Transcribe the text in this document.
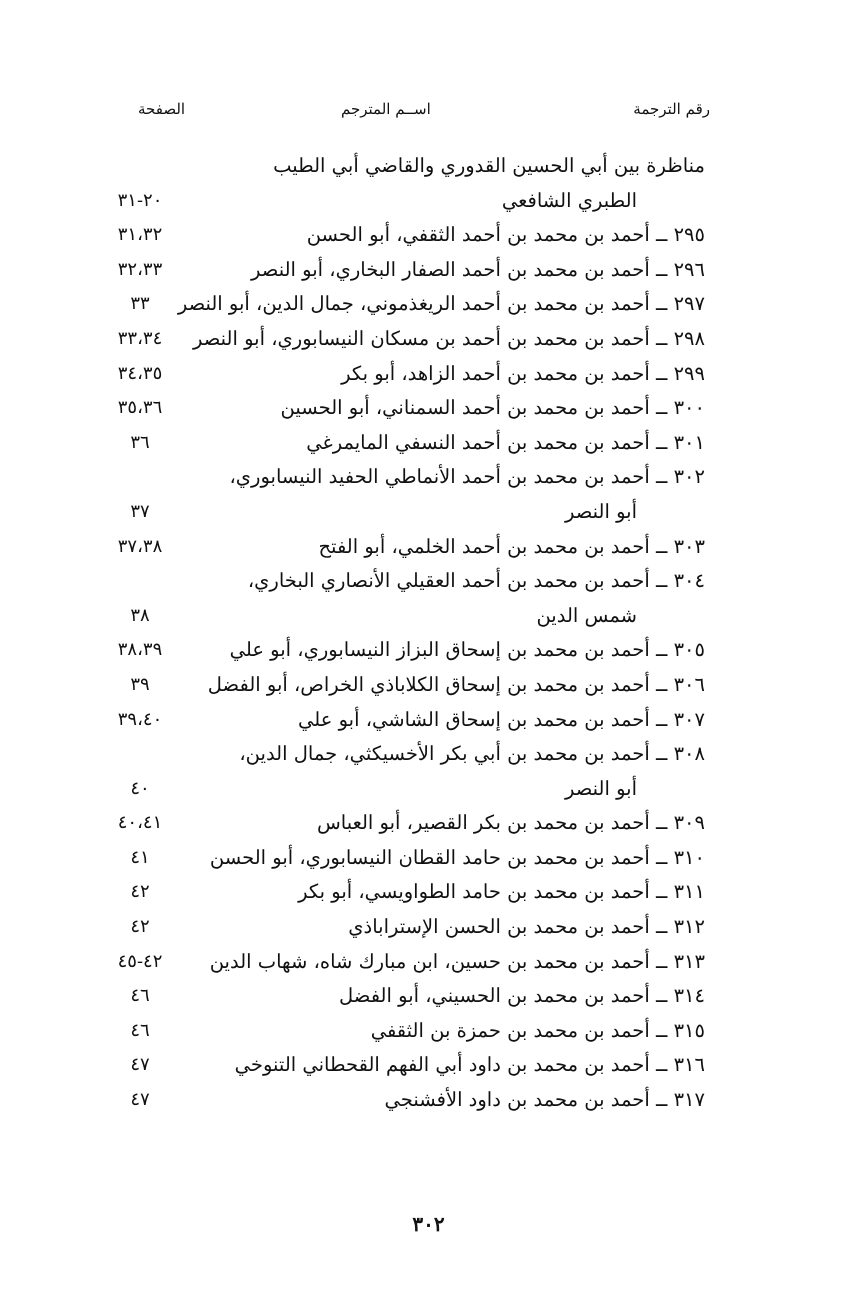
رقم الترجمة
اســم المترجم
الصفحة
مناظرة بين أبي الحسين القدوري والقاضي أبي الطيب
الطبري الشافعي
٢٠-٣١
٢٩٥ ــ أحمد بن محمد بن أحمد الثقفي، أبو الحسن
٣١،٣٢
٢٩٦ ــ أحمد بن محمد بن أحمد الصفار البخاري، أبو النصر
٣٢،٣٣
٢٩٧ ــ أحمد بن محمد بن أحمد الريغذموني، جمال الدين، أبو النصر
٣٣
٢٩٨ ــ أحمد بن محمد بن أحمد بن مسكان النيسابوري، أبو النصر
٣٣،٣٤
٢٩٩ ــ أحمد بن محمد بن أحمد الزاهد، أبو بكر
٣٤،٣٥
٣٠٠ ــ أحمد بن محمد بن أحمد السمناني، أبو الحسين
٣٥،٣٦
٣٠١ ــ أحمد بن محمد بن أحمد النسفي المايمرغي
٣٦
٣٠٢ ــ أحمد بن محمد بن أحمد الأنماطي الحفيد النيسابوري،
أبو النصر
٣٧
٣٠٣ ــ أحمد بن محمد بن أحمد الخلمي، أبو الفتح
٣٧،٣٨
٣٠٤ ــ أحمد بن محمد بن أحمد العقيلي الأنصاري البخاري،
شمس الدين
٣٨
٣٠٥ ــ أحمد بن محمد بن إسحاق البزاز النيسابوري، أبو علي
٣٨،٣٩
٣٠٦ ــ أحمد بن محمد بن إسحاق الكلاباذي الخراص، أبو الفضل
٣٩
٣٠٧ ــ أحمد بن محمد بن إسحاق الشاشي، أبو علي
٣٩،٤٠
٣٠٨ ــ أحمد بن محمد بن أبي بكر الأخسيكثي، جمال الدين،
أبو النصر
٤٠
٣٠٩ ــ أحمد بن محمد بن بكر القصير، أبو العباس
٤٠،٤١
٣١٠ ــ أحمد بن محمد بن حامد القطان النيسابوري، أبو الحسن
٤١
٣١١ ــ أحمد بن محمد بن حامد الطواويسي، أبو بكر
٤٢
٣١٢ ــ أحمد بن محمد بن الحسن الإستراباذي
٤٢
٣١٣ ــ أحمد بن محمد بن حسين، ابن مبارك شاه، شهاب الدين
٤٢-٤٥
٣١٤ ــ أحمد بن محمد بن الحسيني، أبو الفضل
٤٦
٣١٥ ــ أحمد بن محمد بن حمزة بن الثقفي
٤٦
٣١٦ ــ أحمد بن محمد بن داود أبي الفهم القحطاني التنوخي
٤٧
٣١٧ ــ أحمد بن محمد بن داود الأفشنجي
٤٧
٣٠٢
